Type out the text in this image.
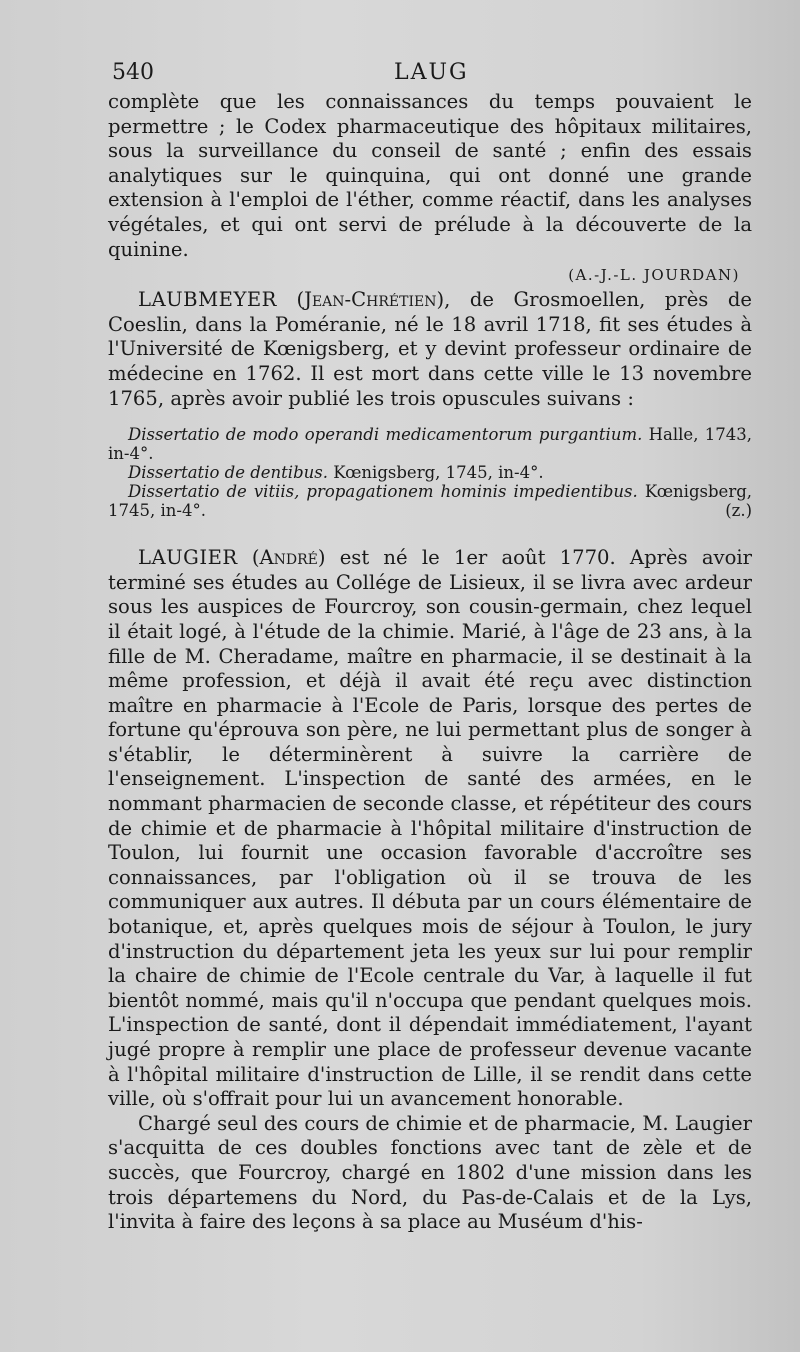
540	LAUG

complète que les connaissances du temps pouvaient le permettre ; le Codex pharmaceutique des hôpitaux militaires, sous la surveillance du conseil de santé ; enfin des essais analytiques sur le quinquina, qui ont donné une grande extension à l'emploi de l'éther, comme réactif, dans les analyses végétales, et qui ont servi de prélude à la découverte de la quinine.

(A.-J.-L. JOURDAN)

LAUBMEYER (Jean-Chrétien), de Grosmoellen, près de Coeslin, dans la Poméranie, né le 18 avril 1718, fit ses études à l'Université de Kœnigsberg, et y devint professeur ordinaire de médecine en 1762. Il est mort dans cette ville le 13 novembre 1765, après avoir publié les trois opuscules suivans :

Dissertatio de modo operandi medicamentorum purgantium. Halle, 1743, in-4°.

Dissertatio de dentibus. Kœnigsberg, 1745, in-4°.

Dissertatio de vitiis, propagationem hominis impedientibus. Kœnigsberg, 1745, in-4°.	(z.)

LAUGIER (André) est né le 1er août 1770. Après avoir terminé ses études au Collége de Lisieux, il se livra avec ardeur sous les auspices de Fourcroy, son cousin-germain, chez lequel il était logé, à l'étude de la chimie. Marié, à l'âge de 23 ans, à la fille de M. Cheradame, maître en pharmacie, il se destinait à la même profession, et déjà il avait été reçu avec distinction maître en pharmacie à l'Ecole de Paris, lorsque des pertes de fortune qu'éprouva son père, ne lui permettant plus de songer à s'établir, le déterminèrent à suivre la carrière de l'enseignement. L'inspection de santé des armées, en le nommant pharmacien de seconde classe, et répétiteur des cours de chimie et de pharmacie à l'hôpital militaire d'instruction de Toulon, lui fournit une occasion favorable d'accroître ses connaissances, par l'obligation où il se trouva de les communiquer aux autres. Il débuta par un cours élémentaire de botanique, et, après quelques mois de séjour à Toulon, le jury d'instruction du département jeta les yeux sur lui pour remplir la chaire de chimie de l'Ecole centrale du Var, à laquelle il fut bientôt nommé, mais qu'il n'occupa que pendant quelques mois. L'inspection de santé, dont il dépendait immédiatement, l'ayant jugé propre à remplir une place de professeur devenue vacante à l'hôpital militaire d'instruction de Lille, il se rendit dans cette ville, où s'offrait pour lui un avancement honorable.

Chargé seul des cours de chimie et de pharmacie, M. Laugier s'acquitta de ces doubles fonctions avec tant de zèle et de succès, que Fourcroy, chargé en 1802 d'une mission dans les trois départemens du Nord, du Pas-de-Calais et de la Lys, l'invita à faire des leçons à sa place au Muséum d'his-
